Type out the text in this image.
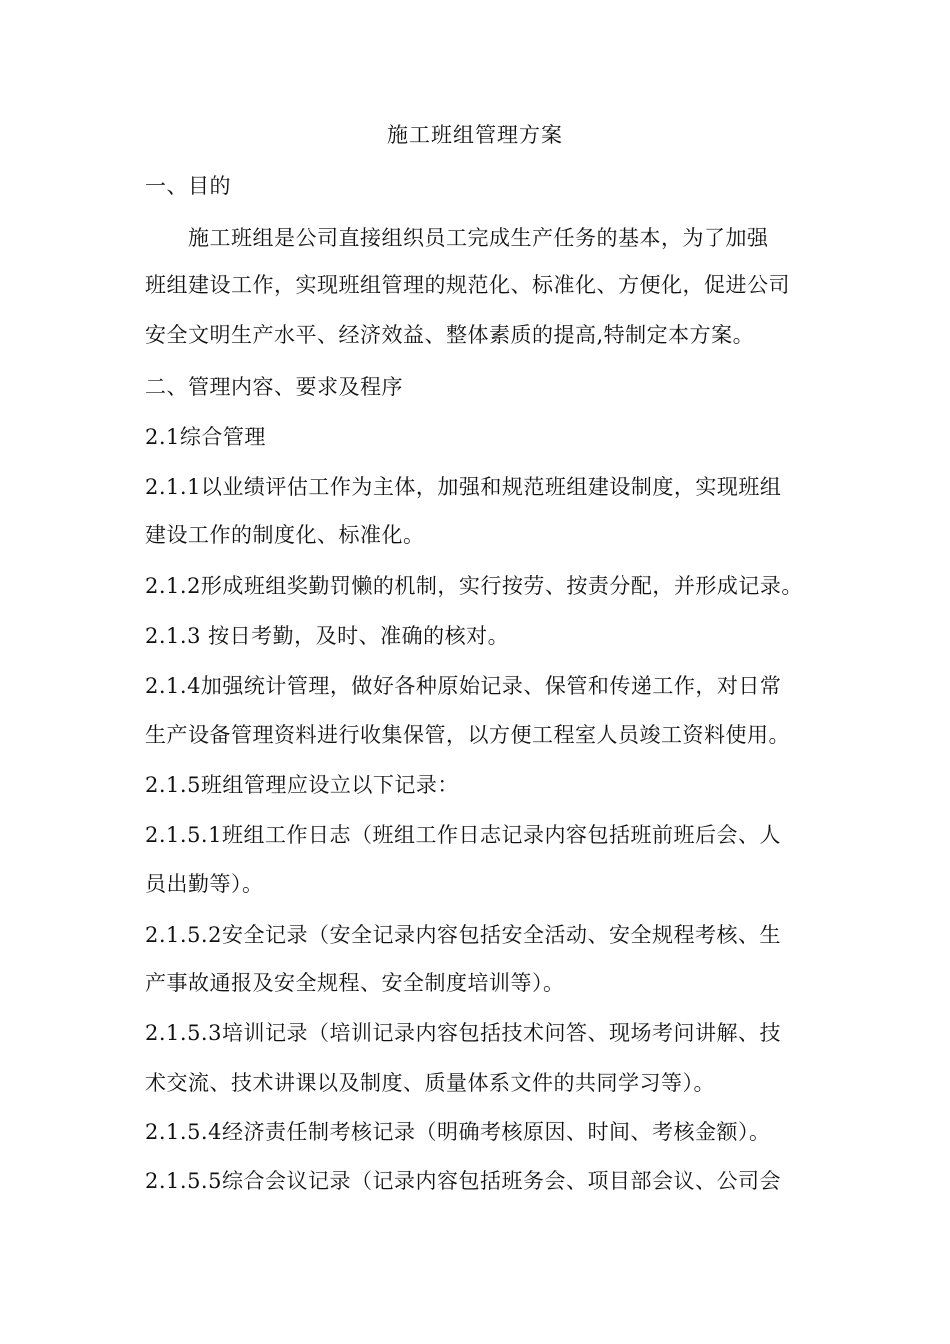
施工班组管理方案
一、目的
施工班组是公司直接组织员工完成生产任务的基本，为了加强
班组建设工作，实现班组管理的规范化、标准化、方便化，促进公司
安全文明生产水平、经济效益、整体素质的提高,特制定本方案。
二、管理内容、要求及程序
2.1综合管理
2.1.1以业绩评估工作为主体，加强和规范班组建设制度，实现班组
建设工作的制度化、标准化。
2.1.2形成班组奖勤罚懒的机制，实行按劳、按责分配，并形成记录。
2.1.3 按日考勤，及时、准确的核对。
2.1.4加强统计管理，做好各种原始记录、保管和传递工作，对日常
生产设备管理资料进行收集保管，以方便工程室人员竣工资料使用。
2.1.5班组管理应设立以下记录：
2.1.5.1班组工作日志（班组工作日志记录内容包括班前班后会、人
员出勤等）。
2.1.5.2安全记录（安全记录内容包括安全活动、安全规程考核、生
产事故通报及安全规程、安全制度培训等）。
2.1.5.3培训记录（培训记录内容包括技术问答、现场考问讲解、技
术交流、技术讲课以及制度、质量体系文件的共同学习等）。
2.1.5.4经济责任制考核记录（明确考核原因、时间、考核金额）。
2.1.5.5综合会议记录（记录内容包括班务会、项目部会议、公司会
